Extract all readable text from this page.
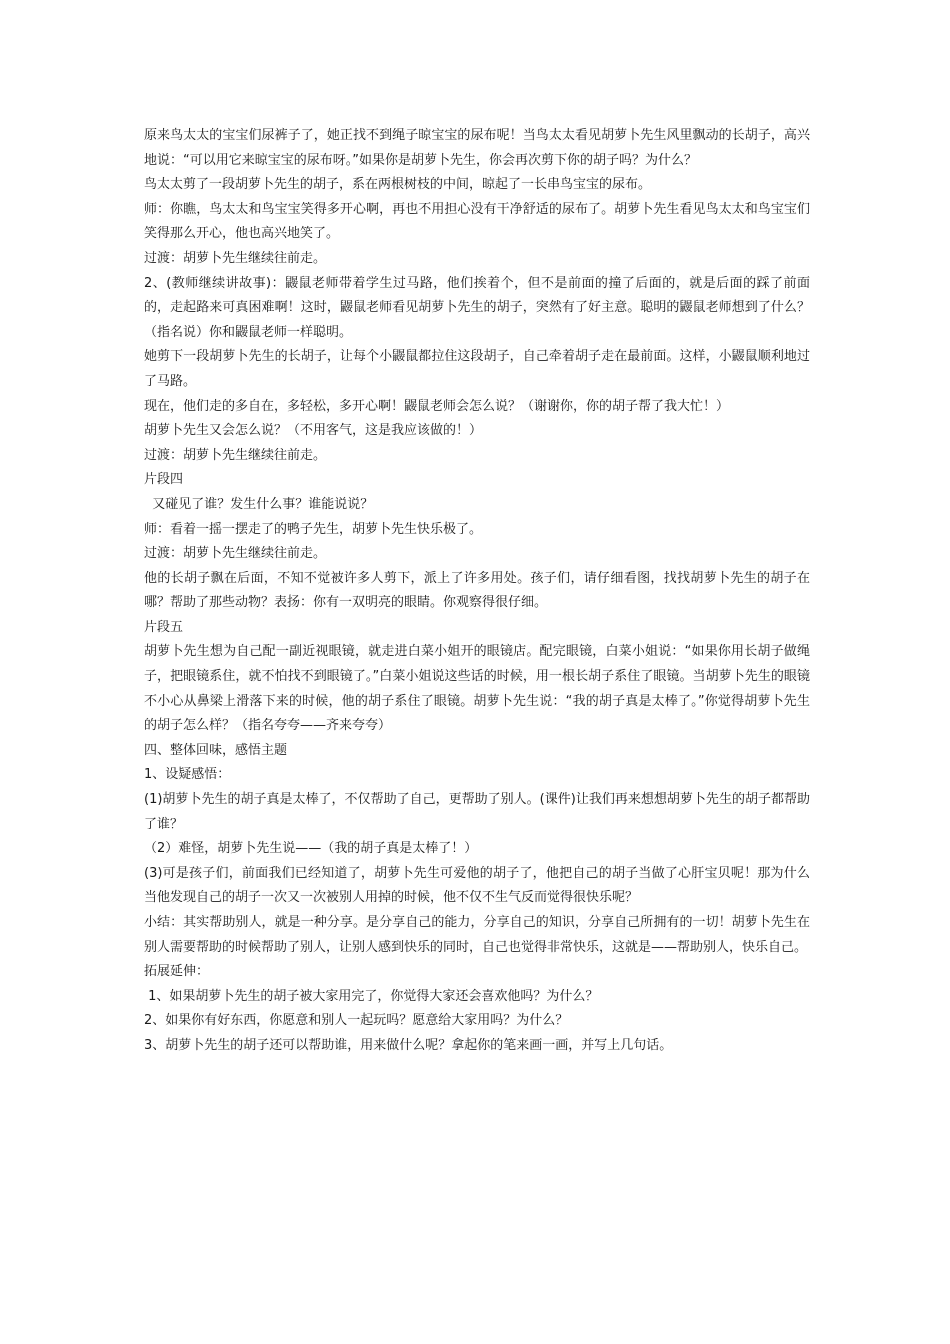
原来鸟太太的宝宝们尿裤子了，她正找不到绳子晾宝宝的尿布呢！当鸟太太看见胡萝卜先生风里飘动的长胡子，高兴地说：“可以用它来晾宝宝的尿布呀。”如果你是胡萝卜先生，你会再次剪下你的胡子吗？为什么？

鸟太太剪了一段胡萝卜先生的胡子，系在两根树枝的中间，晾起了一长串鸟宝宝的尿布。

师：你瞧，鸟太太和鸟宝宝笑得多开心啊，再也不用担心没有干净舒适的尿布了。胡萝卜先生看见鸟太太和鸟宝宝们笑得那么开心，他也高兴地笑了。

过渡：胡萝卜先生继续往前走。

2、(教师继续讲故事)：鼹鼠老师带着学生过马路，他们挨着个，但不是前面的撞了后面的，就是后面的踩了前面的，走起路来可真困难啊！这时，鼹鼠老师看见胡萝卜先生的胡子，突然有了好主意。聪明的鼹鼠老师想到了什么？（指名说）你和鼹鼠老师一样聪明。

她剪下一段胡萝卜先生的长胡子，让每个小鼹鼠都拉住这段胡子，自己牵着胡子走在最前面。这样，小鼹鼠顺利地过了马路。

现在，他们走的多自在，多轻松，多开心啊！鼹鼠老师会怎么说？（谢谢你，你的胡子帮了我大忙！）

胡萝卜先生又会怎么说？（不用客气，这是我应该做的！）

过渡：胡萝卜先生继续往前走。

片段四

又碰见了谁？发生什么事？谁能说说？

师：看着一摇一摆走了的鸭子先生，胡萝卜先生快乐极了。

过渡：胡萝卜先生继续往前走。

他的长胡子飘在后面，不知不觉被许多人剪下，派上了许多用处。孩子们，请仔细看图，找找胡萝卜先生的胡子在哪？帮助了那些动物？表扬：你有一双明亮的眼睛。你观察得很仔细。

片段五

胡萝卜先生想为自己配一副近视眼镜，就走进白菜小姐开的眼镜店。配完眼镜，白菜小姐说：“如果你用长胡子做绳子，把眼镜系住，就不怕找不到眼镜了。”白菜小姐说这些话的时候，用一根长胡子系住了眼镜。当胡萝卜先生的眼镜不小心从鼻梁上滑落下来的时候，他的胡子系住了眼镜。胡萝卜先生说：“我的胡子真是太棒了。”你觉得胡萝卜先生的胡子怎么样？（指名夸夸——齐来夸夸）

四、整体回味，感悟主题

1、设疑感悟：

(1)胡萝卜先生的胡子真是太棒了，不仅帮助了自己，更帮助了别人。(课件)让我们再来想想胡萝卜先生的胡子都帮助了谁？

（2）难怪，胡萝卜先生说——（我的胡子真是太棒了！）

(3)可是孩子们，前面我们已经知道了，胡萝卜先生可爱他的胡子了，他把自己的胡子当做了心肝宝贝呢！那为什么当他发现自己的胡子一次又一次被别人用掉的时候，他不仅不生气反而觉得很快乐呢？

小结：其实帮助别人，就是一种分享。是分享自己的能力，分享自己的知识，分享自己所拥有的一切！胡萝卜先生在别人需要帮助的时候帮助了别人，让别人感到快乐的同时，自己也觉得非常快乐，这就是——帮助别人，快乐自己。

拓展延伸：

1、如果胡萝卜先生的胡子被大家用完了，你觉得大家还会喜欢他吗？为什么？

2、如果你有好东西，你愿意和别人一起玩吗？愿意给大家用吗？为什么？

3、胡萝卜先生的胡子还可以帮助谁，用来做什么呢？拿起你的笔来画一画，并写上几句话。
